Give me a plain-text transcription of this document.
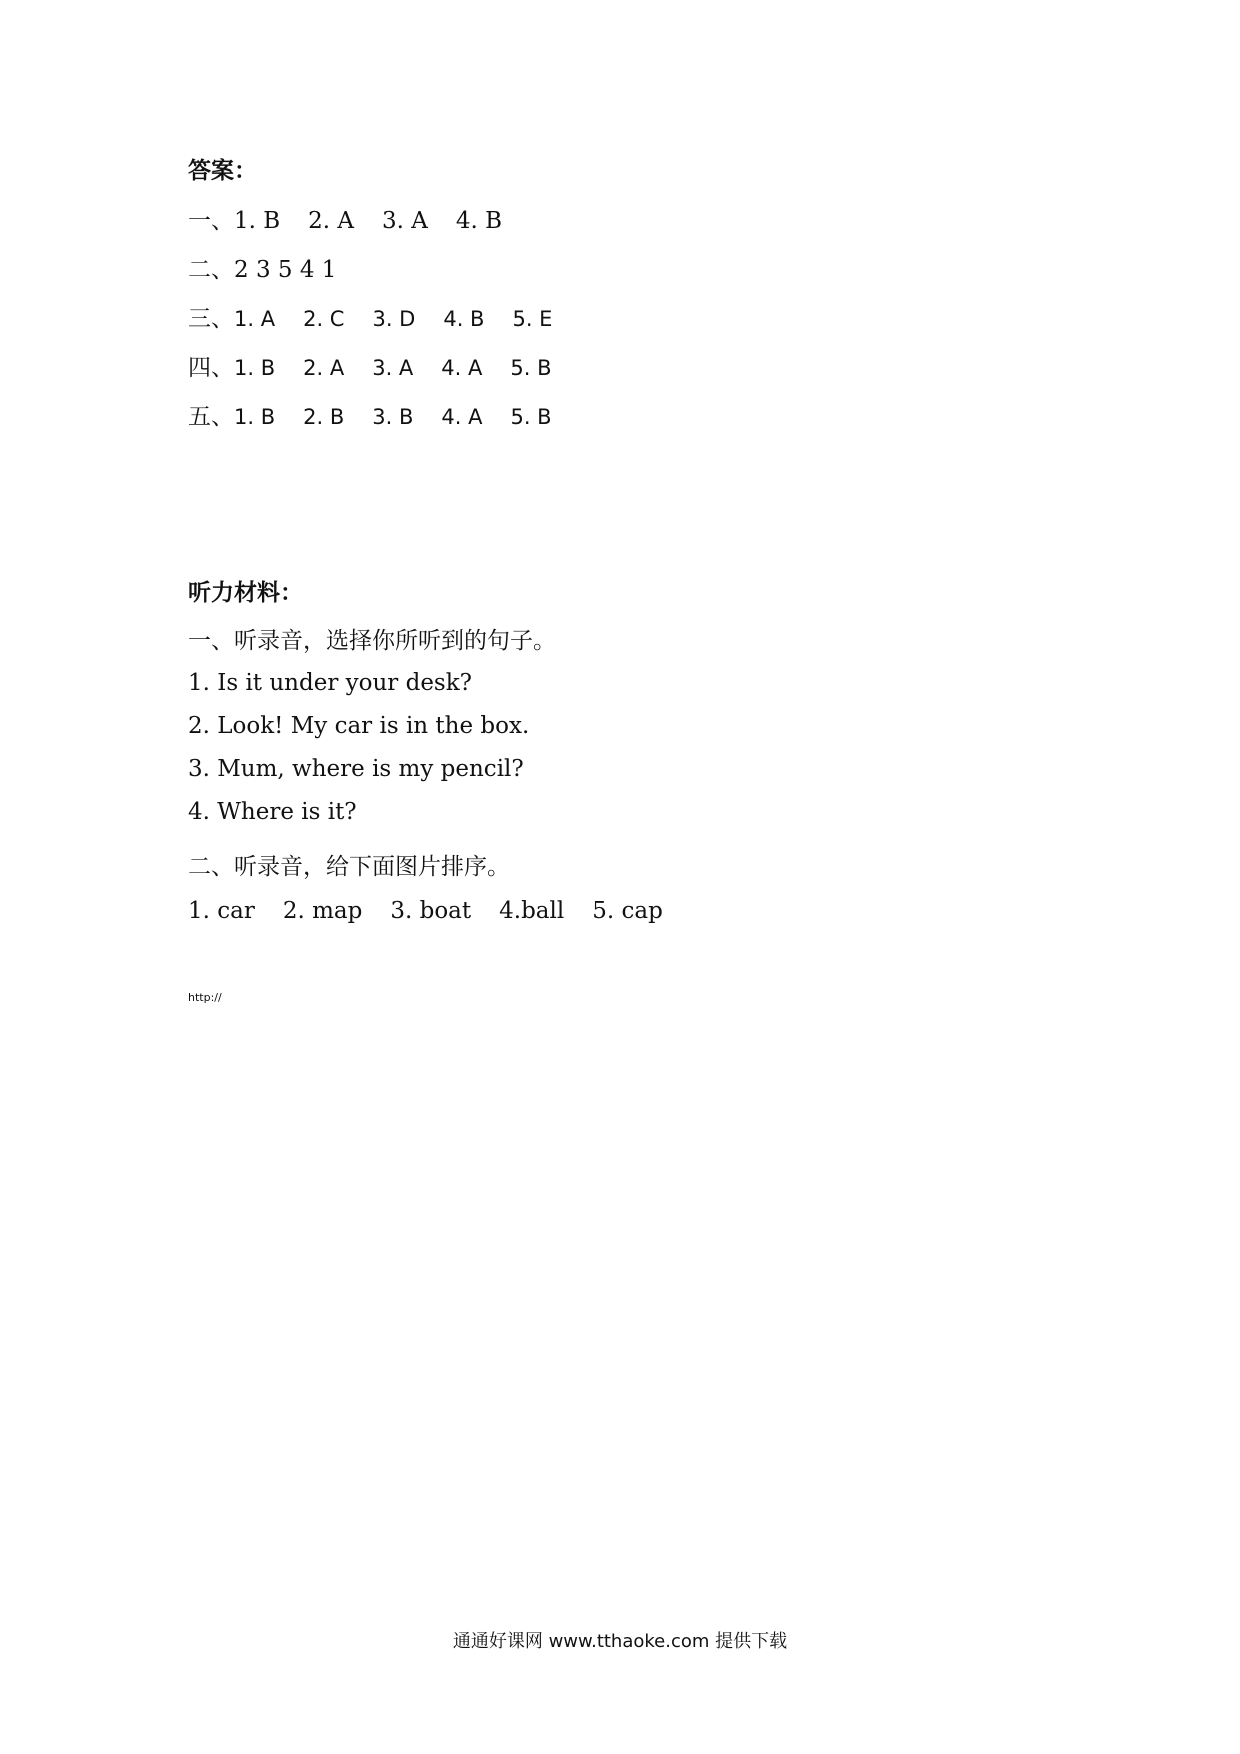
答案：
一、1. B 2. A 3. A 4. B
二、2 3 5 4 1
三、1. A 2. C 3. D 4. B 5. E
四、1. B 2. A 3. A 4. A 5. B
五、1. B 2. B 3. B 4. A 5. B
听力材料：
一、听录音，选择你所听到的句子。
1. Is it under your desk?
2. Look! My car is in the box.
3. Mum, where is my pencil?
4. Where is it?
二、听录音，给下面图片排序。
1. car 2. map 3. boat 4.ball 5. cap
http://
通通好课网 www.tthaoke.com 提供下载
